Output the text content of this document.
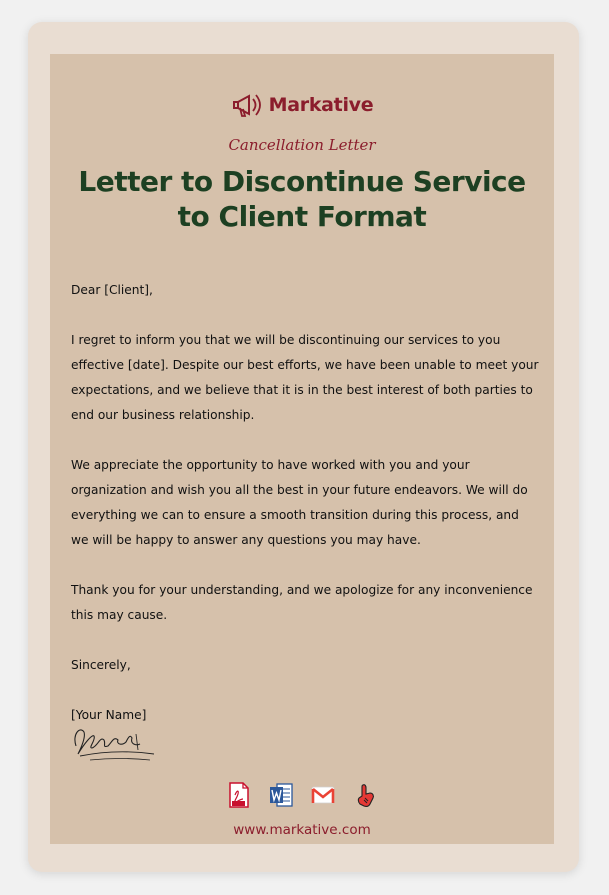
Markative
Cancellation Letter
Letter to Discontinue Service to Client Format

Dear [Client],

I regret to inform you that we will be discontinuing our services to you effective [date]. Despite our best efforts, we have been unable to meet your expectations, and we believe that it is in the best interest of both parties to end our business relationship.

We appreciate the opportunity to have worked with you and your organization and wish you all the best in your future endeavors. We will do everything we can to ensure a smooth transition during this process, and we will be happy to answer any questions you may have.

Thank you for your understanding, and we apologize for any inconvenience this may cause.

Sincerely,

[Your Name]

www.markative.com
